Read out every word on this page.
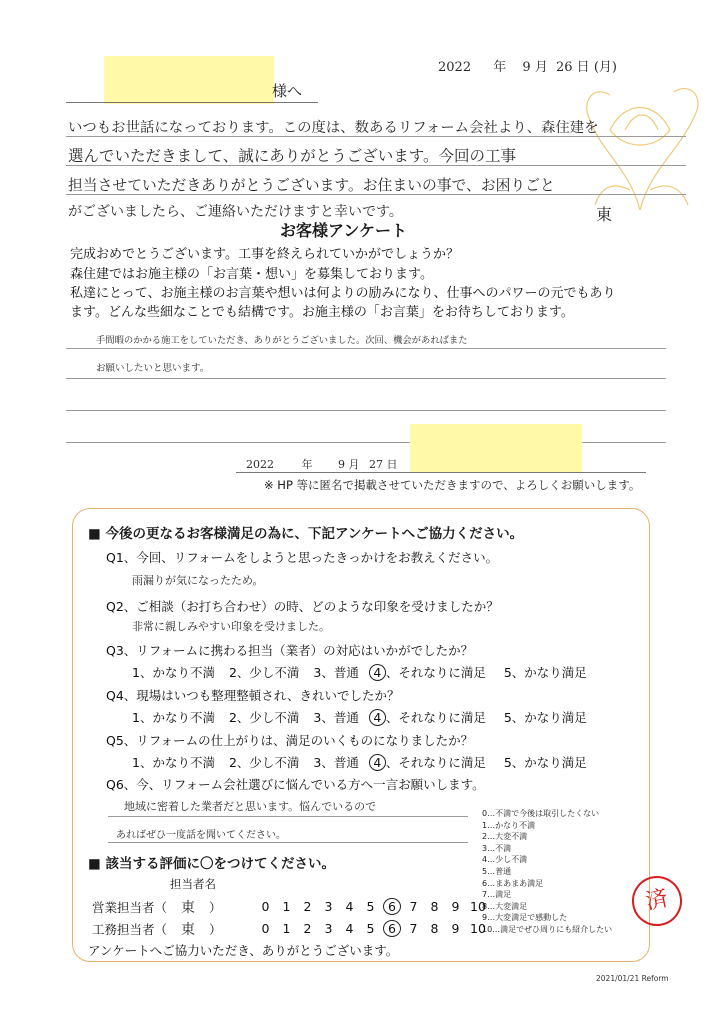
様へ
2022 年 9 月 26 日 (月)
いつもお世話になっております。この度は、数あるリフォーム会社より、森住建を
選んでいただきまして、誠にありがとうございます。今回の工事
担当させていただきありがとうございます。お住まいの事で、お困りごと
がございましたら、ご連絡いただけますと幸いです。	東
お客様アンケート
完成おめでとうございます。工事を終えられていかがでしょうか？
森住建ではお施主様の「お言葉・想い」を募集しております。
私達にとって、お施主様のお言葉や想いは何よりの励みになり、仕事へのパワーの元でもあり
ます。どんな些細なことでも結構です。お施主様の「お言葉」をお待ちしております。
手間暇のかかる施工をしていただき、ありがとうございました。次回、機会があればまた
お願いしたいと思います。
2022	年 9 月 27 日
※ HP 等に匿名で掲載させていただきますので、よろしくお願いします。
■ 今後の更なるお客様満足の為に、下記アンケートへご協力ください。
Q1、今回、リフォームをしようと思ったきっかけをお教えください。
雨漏りが気になったため。
Q2、ご相談（お打ち合わせ）の時、どのような印象を受けましたか？
非常に親しみやすい印象を受けました。
Q3、リフォームに携わる担当（業者）の対応はいかがでしたか？
1、かなり不満 2、少し不満 3、普通 4 、それなりに満足 5、かなり満足
Q4、現場はいつも整理整頓され、きれいでしたか？
1、かなり不満 2、少し不満 3、普通 4 、それなりに満足 5、かなり満足
Q5、リフォームの仕上がりは、満足のいくものになりましたか？
1、かなり不満 2、少し不満 3、普通 4 、それなりに満足 5、かなり満足
Q6、今、リフォーム会社選びに悩んでいる方へ一言お願いします。
地域に密着した業者だと思います。悩んでいるので
あればぜひ一度話を聞いてください。
0…不満で今後は取引したくない
1…かなり不満
2…大変不満
3…不満
4…少し不満
5…普通
6…まあまあ満足
7…満足
8…大変満足
9…大変満足で感動した
10…満足でぜひ周りにも紹介したい
■ 該当する評価に〇をつけてください。
担当者名
営業担当者（ 東 ）	0 1 2 3 4 5 6 7 8 9 10
工務担当者（ 東 ）	0 1 2 3 4 5 6 7 8 9 10
アンケートへご協力いただき、ありがとうございます。
済
2021/01/21 Reform
